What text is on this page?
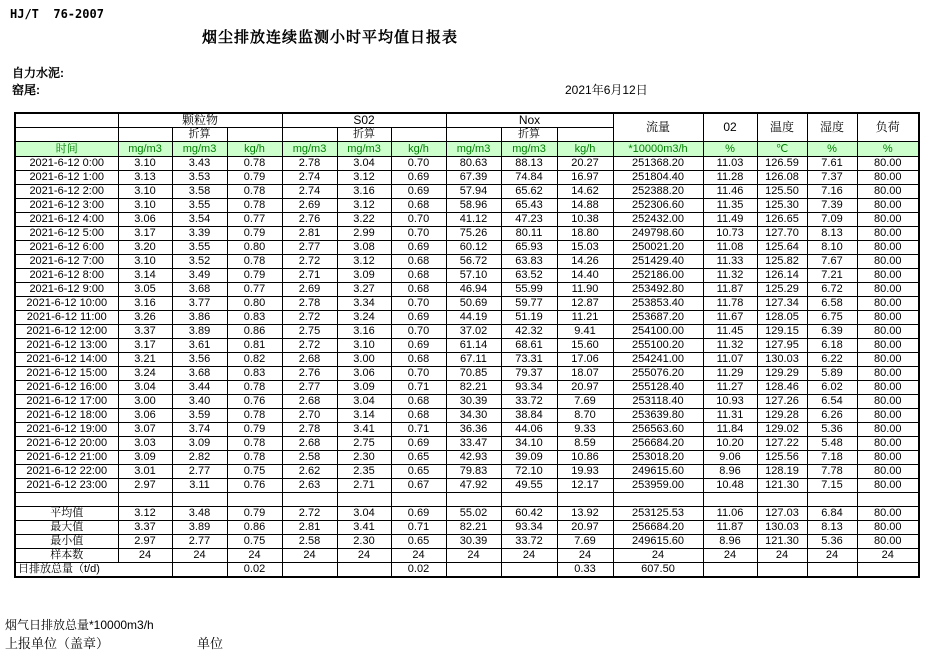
HJ/T  76-2007
烟尘排放连续监测小时平均值日报表
自力水泥:
窑尾:	2021年6月12日
	颗粒物			S02			Nox			流量	02	温度	湿度	负荷
		折算			折算			折算						
时间	mg/m3	mg/m3	kg/h	mg/m3	mg/m3	kg/h	mg/m3	mg/m3	kg/h	*10000m3/h	%	℃	%	%
2021-6-12 0:00	3.10	3.43	0.78	2.78	3.04	0.70	80.63	88.13	20.27	251368.20	11.03	126.59	7.61	80.00
2021-6-12 1:00	3.13	3.53	0.79	2.74	3.12	0.69	67.39	74.84	16.97	251804.40	11.28	126.08	7.37	80.00
2021-6-12 2:00	3.10	3.58	0.78	2.74	3.16	0.69	57.94	65.62	14.62	252388.20	11.46	125.50	7.16	80.00
2021-6-12 3:00	3.10	3.55	0.78	2.69	3.12	0.68	58.96	65.43	14.88	252306.60	11.35	125.30	7.39	80.00
2021-6-12 4:00	3.06	3.54	0.77	2.76	3.22	0.70	41.12	47.23	10.38	252432.00	11.49	126.65	7.09	80.00
2021-6-12 5:00	3.17	3.39	0.79	2.81	2.99	0.70	75.26	80.11	18.80	249798.60	10.73	127.70	8.13	80.00
2021-6-12 6:00	3.20	3.55	0.80	2.77	3.08	0.69	60.12	65.93	15.03	250021.20	11.08	125.64	8.10	80.00
2021-6-12 7:00	3.10	3.52	0.78	2.72	3.12	0.68	56.72	63.83	14.26	251429.40	11.33	125.82	7.67	80.00
2021-6-12 8:00	3.14	3.49	0.79	2.71	3.09	0.68	57.10	63.52	14.40	252186.00	11.32	126.14	7.21	80.00
2021-6-12 9:00	3.05	3.68	0.77	2.69	3.27	0.68	46.94	55.99	11.90	253492.80	11.87	125.29	6.72	80.00
2021-6-12 10:00	3.16	3.77	0.80	2.78	3.34	0.70	50.69	59.77	12.87	253853.40	11.78	127.34	6.58	80.00
2021-6-12 11:00	3.26	3.86	0.83	2.72	3.24	0.69	44.19	51.19	11.21	253687.20	11.67	128.05	6.75	80.00
2021-6-12 12:00	3.37	3.89	0.86	2.75	3.16	0.70	37.02	42.32	9.41	254100.00	11.45	129.15	6.39	80.00
2021-6-12 13:00	3.17	3.61	0.81	2.72	3.10	0.69	61.14	68.61	15.60	255100.20	11.32	127.95	6.18	80.00
2021-6-12 14:00	3.21	3.56	0.82	2.68	3.00	0.68	67.11	73.31	17.06	254241.00	11.07	130.03	6.22	80.00
2021-6-12 15:00	3.24	3.68	0.83	2.76	3.06	0.70	70.85	79.37	18.07	255076.20	11.29	129.29	5.89	80.00
2021-6-12 16:00	3.04	3.44	0.78	2.77	3.09	0.71	82.21	93.34	20.97	255128.40	11.27	128.46	6.02	80.00
2021-6-12 17:00	3.00	3.40	0.76	2.68	3.04	0.68	30.39	33.72	7.69	253118.40	10.93	127.26	6.54	80.00
2021-6-12 18:00	3.06	3.59	0.78	2.70	3.14	0.68	34.30	38.84	8.70	253639.80	11.31	129.28	6.26	80.00
2021-6-12 19:00	3.07	3.74	0.79	2.78	3.41	0.71	36.36	44.06	9.33	256563.60	11.84	129.02	5.36	80.00
2021-6-12 20:00	3.03	3.09	0.78	2.68	2.75	0.69	33.47	34.10	8.59	256684.20	10.20	127.22	5.48	80.00
2021-6-12 21:00	3.09	2.82	0.78	2.58	2.30	0.65	42.93	39.09	10.86	253018.20	9.06	125.56	7.18	80.00
2021-6-12 22:00	3.01	2.77	0.75	2.62	2.35	0.65	79.83	72.10	19.93	249615.60	8.96	128.19	7.78	80.00
2021-6-12 23:00	2.97	3.11	0.76	2.63	2.71	0.67	47.92	49.55	12.17	253959.00	10.48	121.30	7.15	80.00

平均值	3.12	3.48	0.79	2.72	3.04	0.69	55.02	60.42	13.92	253125.53	11.06	127.03	6.84	80.00
最大值	3.37	3.89	0.86	2.81	3.41	0.71	82.21	93.34	20.97	256684.20	11.87	130.03	8.13	80.00
最小值	2.97	2.77	0.75	2.58	2.30	0.65	30.39	33.72	7.69	249615.60	8.96	121.30	5.36	80.00
样本数	24	24	24	24	24	24	24	24	24	24	24	24	24	24
日排放总量（t/d)			0.02			0.02			0.33	607.50				
烟气日排放总量*10000m3/h
上报单位（盖章）	单位
